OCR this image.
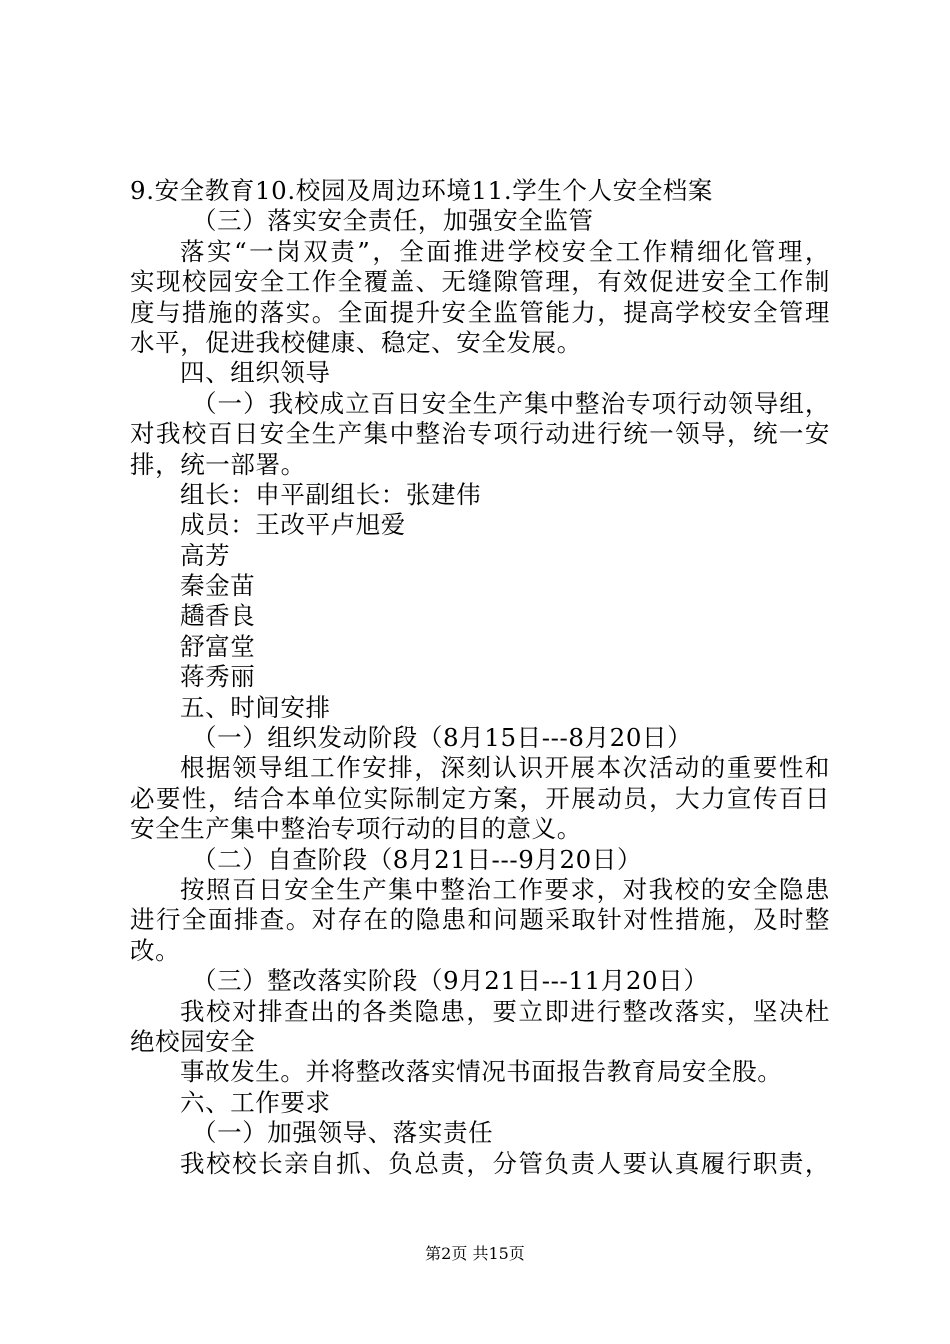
9.安全教育10.校园及周边环境11.学生个人安全档案
（三）落实安全责任，加强安全监管
落实“一岗双责”，全面推进学校安全工作精细化管理，
实现校园安全工作全覆盖、无缝隙管理，有效促进安全工作制
度与措施的落实。全面提升安全监管能力，提高学校安全管理
水平，促进我校健康、稳定、安全发展。
四、组织领导
（一）我校成立百日安全生产集中整治专项行动领导组，
对我校百日安全生产集中整治专项行动进行统一领导，统一安
排，统一部署。
组长：申平副组长：张建伟
成员：王改平卢旭爱
高芳
秦金苗
趫香良
舒富堂
蒋秀丽
五、时间安排
（一）组织发动阶段（8月15日---8月20日）
根据领导组工作安排，深刻认识开展本次活动的重要性和
必要性，结合本单位实际制定方案，开展动员，大力宣传百日
安全生产集中整治专项行动的目的意义。
（二）自查阶段（8月21日---9月20日）
按照百日安全生产集中整治工作要求，对我校的安全隐患
进行全面排查。对存在的隐患和问题采取针对性措施，及时整
改。
（三）整改落实阶段（9月21日---11月20日）
我校对排查出的各类隐患，要立即进行整改落实，坚决杜
绝校园安全
事故发生。并将整改落实情况书面报告教育局安全股。
六、工作要求
（一）加强领导、落实责任
我校校长亲自抓、负总责，分管负责人要认真履行职责，
第2页 共15页
